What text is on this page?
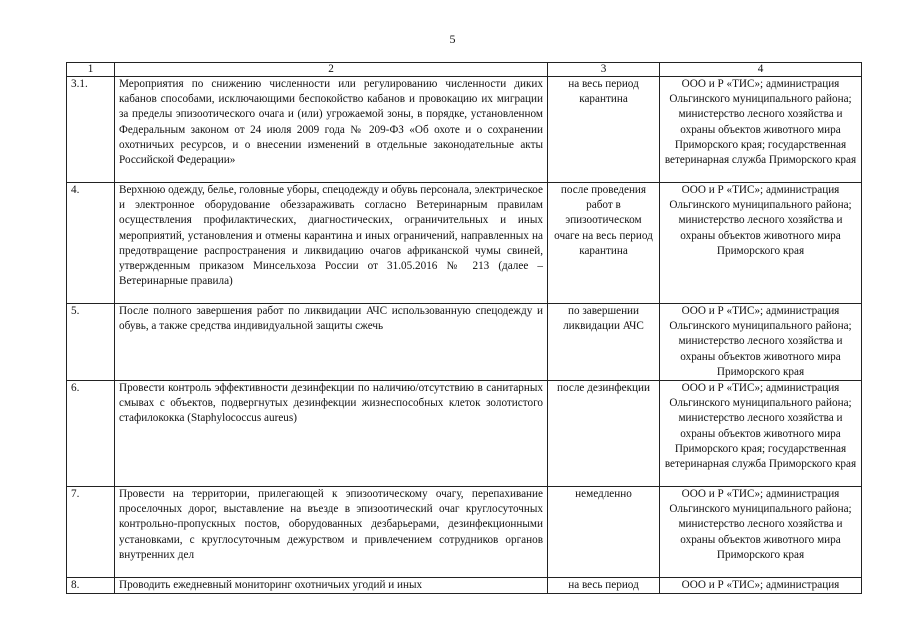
5
1	2	3	4
3.1.	Мероприятия по снижению численности или регулированию численности диких кабанов способами, исключающими беспокойство кабанов и провокацию их миграции за пределы эпизоотического очага и (или) угрожаемой зоны, в порядке, установленном Федеральным законом от 24 июля 2009 года № 209-ФЗ «Об охоте и о сохранении охотничьих ресурсов, и о внесении изменений в отдельные законодательные акты Российской Федерации»	на весь период карантина	ООО и Р «ТИС»; администрация Ольгинского муниципального района; министерство лесного хозяйства и охраны объектов животного мира Приморского края; государственная ветеринарная служба Приморского края
4.	Верхнюю одежду, белье, головные уборы, спецодежду и обувь персонала, электрическое и электронное оборудование обеззараживать согласно Ветеринарным правилам осуществления профилактических, диагностических, ограничительных и иных мероприятий, установления и отмены карантина и иных ограничений, направленных на предотвращение распространения и ликвидацию очагов африканской чумы свиней, утвержденным приказом Минсельхоза России от 31.05.2016 № 213 (далее – Ветеринарные правила)	после проведения работ в эпизоотическом очаге на весь период карантина	ООО и Р «ТИС»; администрация Ольгинского муниципального района; министерство лесного хозяйства и охраны объектов животного мира Приморского края
5.	После полного завершения работ по ликвидации АЧС использованную спецодежду и обувь, а также средства индивидуальной защиты сжечь	по завершении ликвидации АЧС	ООО и Р «ТИС»; администрация Ольгинского муниципального района; министерство лесного хозяйства и охраны объектов животного мира Приморского края
6.	Провести контроль эффективности дезинфекции по наличию/отсутствию в санитарных смывах с объектов, подвергнутых дезинфекции жизнеспособных клеток золотистого стафилококка (Staphylococcus aureus)	после дезинфекции	ООО и Р «ТИС»; администрация Ольгинского муниципального района; министерство лесного хозяйства и охраны объектов животного мира Приморского края; государственная ветеринарная служба Приморского края
7.	Провести на территории, прилегающей к эпизоотическому очагу, перепахивание проселочных дорог, выставление на въезде в эпизоотический очаг круглосуточных контрольно-пропускных постов, оборудованных дезбарьерами, дезинфекционными установками, с круглосуточным дежурством и привлечением сотрудников органов внутренних дел	немедленно	ООО и Р «ТИС»; администрация Ольгинского муниципального района; министерство лесного хозяйства и охраны объектов животного мира Приморского края
8.	Проводить ежедневный мониторинг охотничьих угодий и иных	на весь период	ООО и Р «ТИС»; администрация
